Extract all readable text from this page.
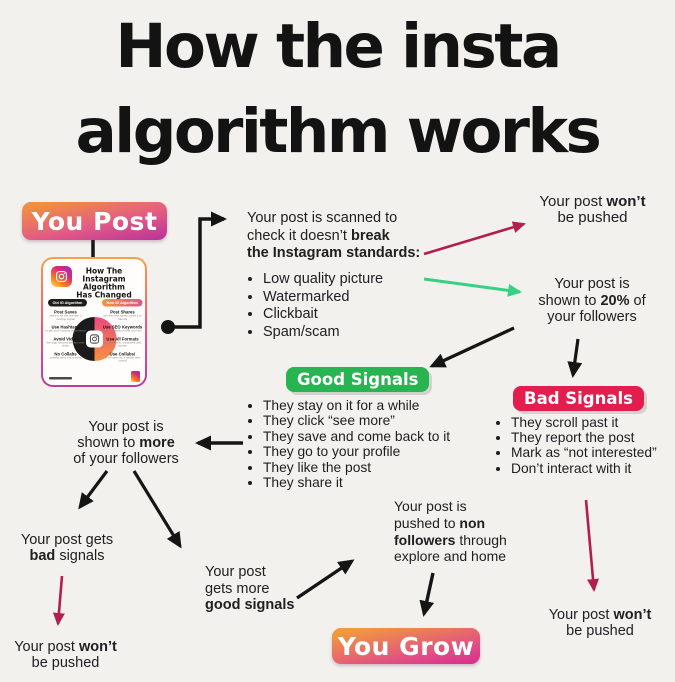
How the insta
algorithm works
You Post
How The
Instagram Algorithm
Has Changed
Old IG Algorithm	New IG Algorithm
Post Saves
used to be the number 1 ranking signal
Use Hashtags
to get your content discovered
Avoid Video
the algo favored photos over video
No Collabs
collabs were not a thing
Post Shares
are the new saves, send it to friends
Use SEO Keywords
in your captions and your bio
Use All Formats
photos, reels, carousels and stories
Use Collabs!
to be seen by a whole new crowd
Your post is scanned to
check it doesn’t break
the Instagram standards:
• Low quality picture
• Watermarked
• Clickbait
• Spam/scam
Your post won’t
be pushed
Your post is
shown to 20% of
your followers
Good Signals
• They stay on it for a while
• They click “see more”
• They save and come back to it
• They go to your profile
• They like the post
• They share it
Bad Signals
• They scroll past it
• They report the post
• Mark as “not interested”
• Don’t interact with it
Your post is
shown to more
of your followers
Your post gets
bad signals
Your post won’t
be pushed
Your post
gets more
good signals
Your post is
pushed to non
followers through
explore and home
Your post won’t
be pushed
You Grow
